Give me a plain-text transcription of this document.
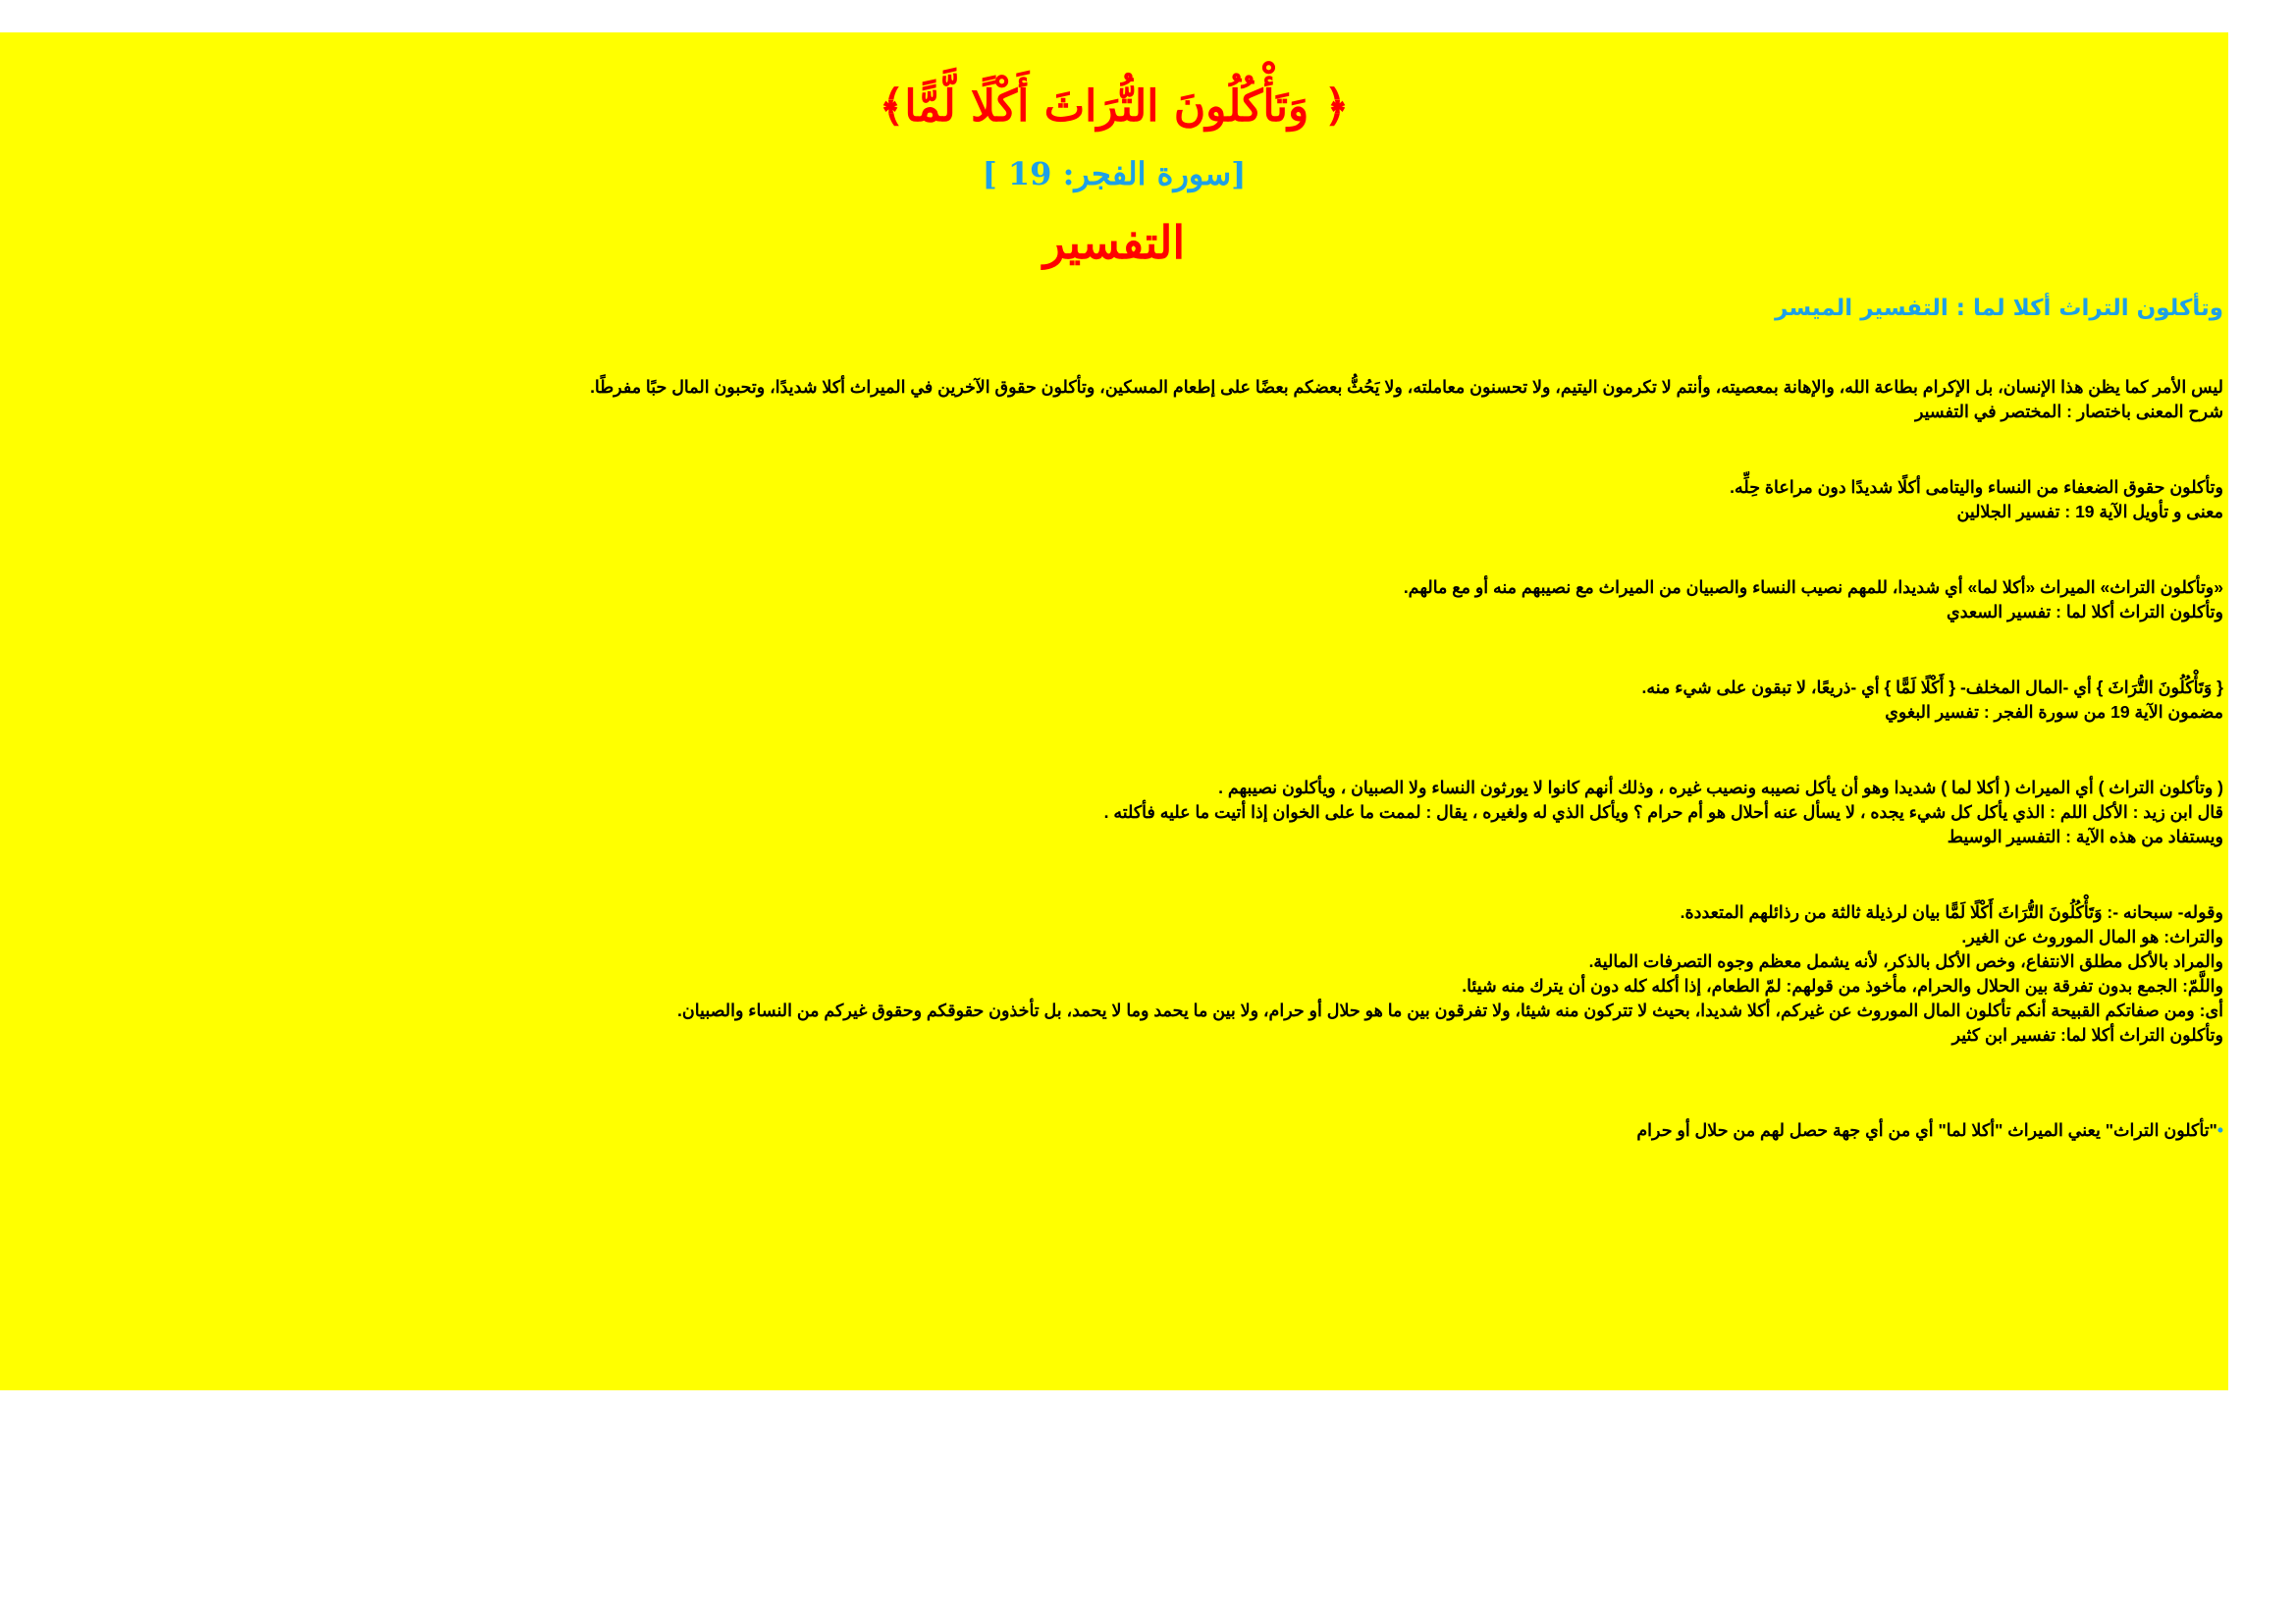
﴿ وَتَأْكُلُونَ التُّرَاثَ أَكْلًا لَّمًّا﴾
[ سورة الفجر: 19]
التفسير
وتأكلون التراث أكلا لما : التفسير الميسر
ليس الأمر كما يظن هذا الإنسان، بل الإكرام بطاعة الله، والإهانة بمعصيته، وأنتم لا تكرمون اليتيم، ولا تحسنون معاملته، ولا يَحُثُّ بعضكم بعضًا على إطعام المسكين، وتأكلون حقوق الآخرين في الميراث أكلا شديدًا، وتحبون المال حبًا مفرطًا.
شرح المعنى باختصار : المختصر في التفسير
وتأكلون حقوق الضعفاء من النساء واليتامى أكلًا شديدًا دون مراعاة حِلِّه.
معنى و تأويل الآية 19 : تفسير الجلالين
«وتأكلون التراث» الميراث «أكلا لما» أي شديدا، للمهم نصيب النساء والصبيان من الميراث مع نصيبهم منه أو مع مالهم.
وتأكلون التراث أكلا لما : تفسير السعدي
{ وَتَأْكُلُونَ التُّرَاثَ } أي -المال المخلف- { أَكْلًا لَمًّا } أي -ذريعًا، لا تبقون على شيء منه.
مضمون الآية 19 من سورة الفجر : تفسير البغوي
( وتأكلون التراث ) أي الميراث ( أكلا لما ) شديدا وهو أن يأكل نصيبه ونصيب غيره ، وذلك أنهم كانوا لا يورثون النساء ولا الصبيان ، ويأكلون نصيبهم .
قال ابن زيد : الأكل اللم : الذي يأكل كل شيء يجده ، لا يسأل عنه أحلال هو أم حرام ؟ ويأكل الذي له ولغيره ، يقال : لممت ما على الخوان إذا أتيت ما عليه فأكلته .
ويستفاد من هذه الآية : التفسير الوسيط
وقوله- سبحانه -: وَتَأْكُلُونَ التُّرَاثَ أَكْلًا لَمًّا بيان لرذيلة ثالثة من رذائلهم المتعددة.
والتراث: هو المال الموروث عن الغير.
والمراد بالأكل مطلق الانتفاع، وخص الأكل بالذكر، لأنه يشمل معظم وجوه التصرفات المالية.
واللَّمّ: الجمع بدون تفرقة بين الحلال والحرام، مأخوذ من قولهم: لمّ الطعام، إذا أكله كله دون أن يترك منه شيئا.
أى: ومن صفاتكم القبيحة أنكم تأكلون المال الموروث عن غيركم، أكلا شديدا، بحيث لا تتركون منه شيئا، ولا تفرقون بين ما هو حلال أو حرام، ولا بين ما يحمد وما لا يحمد، بل تأخذون حقوقكم وحقوق غيركم من النساء والصبيان.
وتأكلون التراث أكلا لما: تفسير ابن كثير
•"تأكلون التراث" يعني الميراث "أكلا لما" أي من أي جهة حصل لهم من حلال أو حرام
